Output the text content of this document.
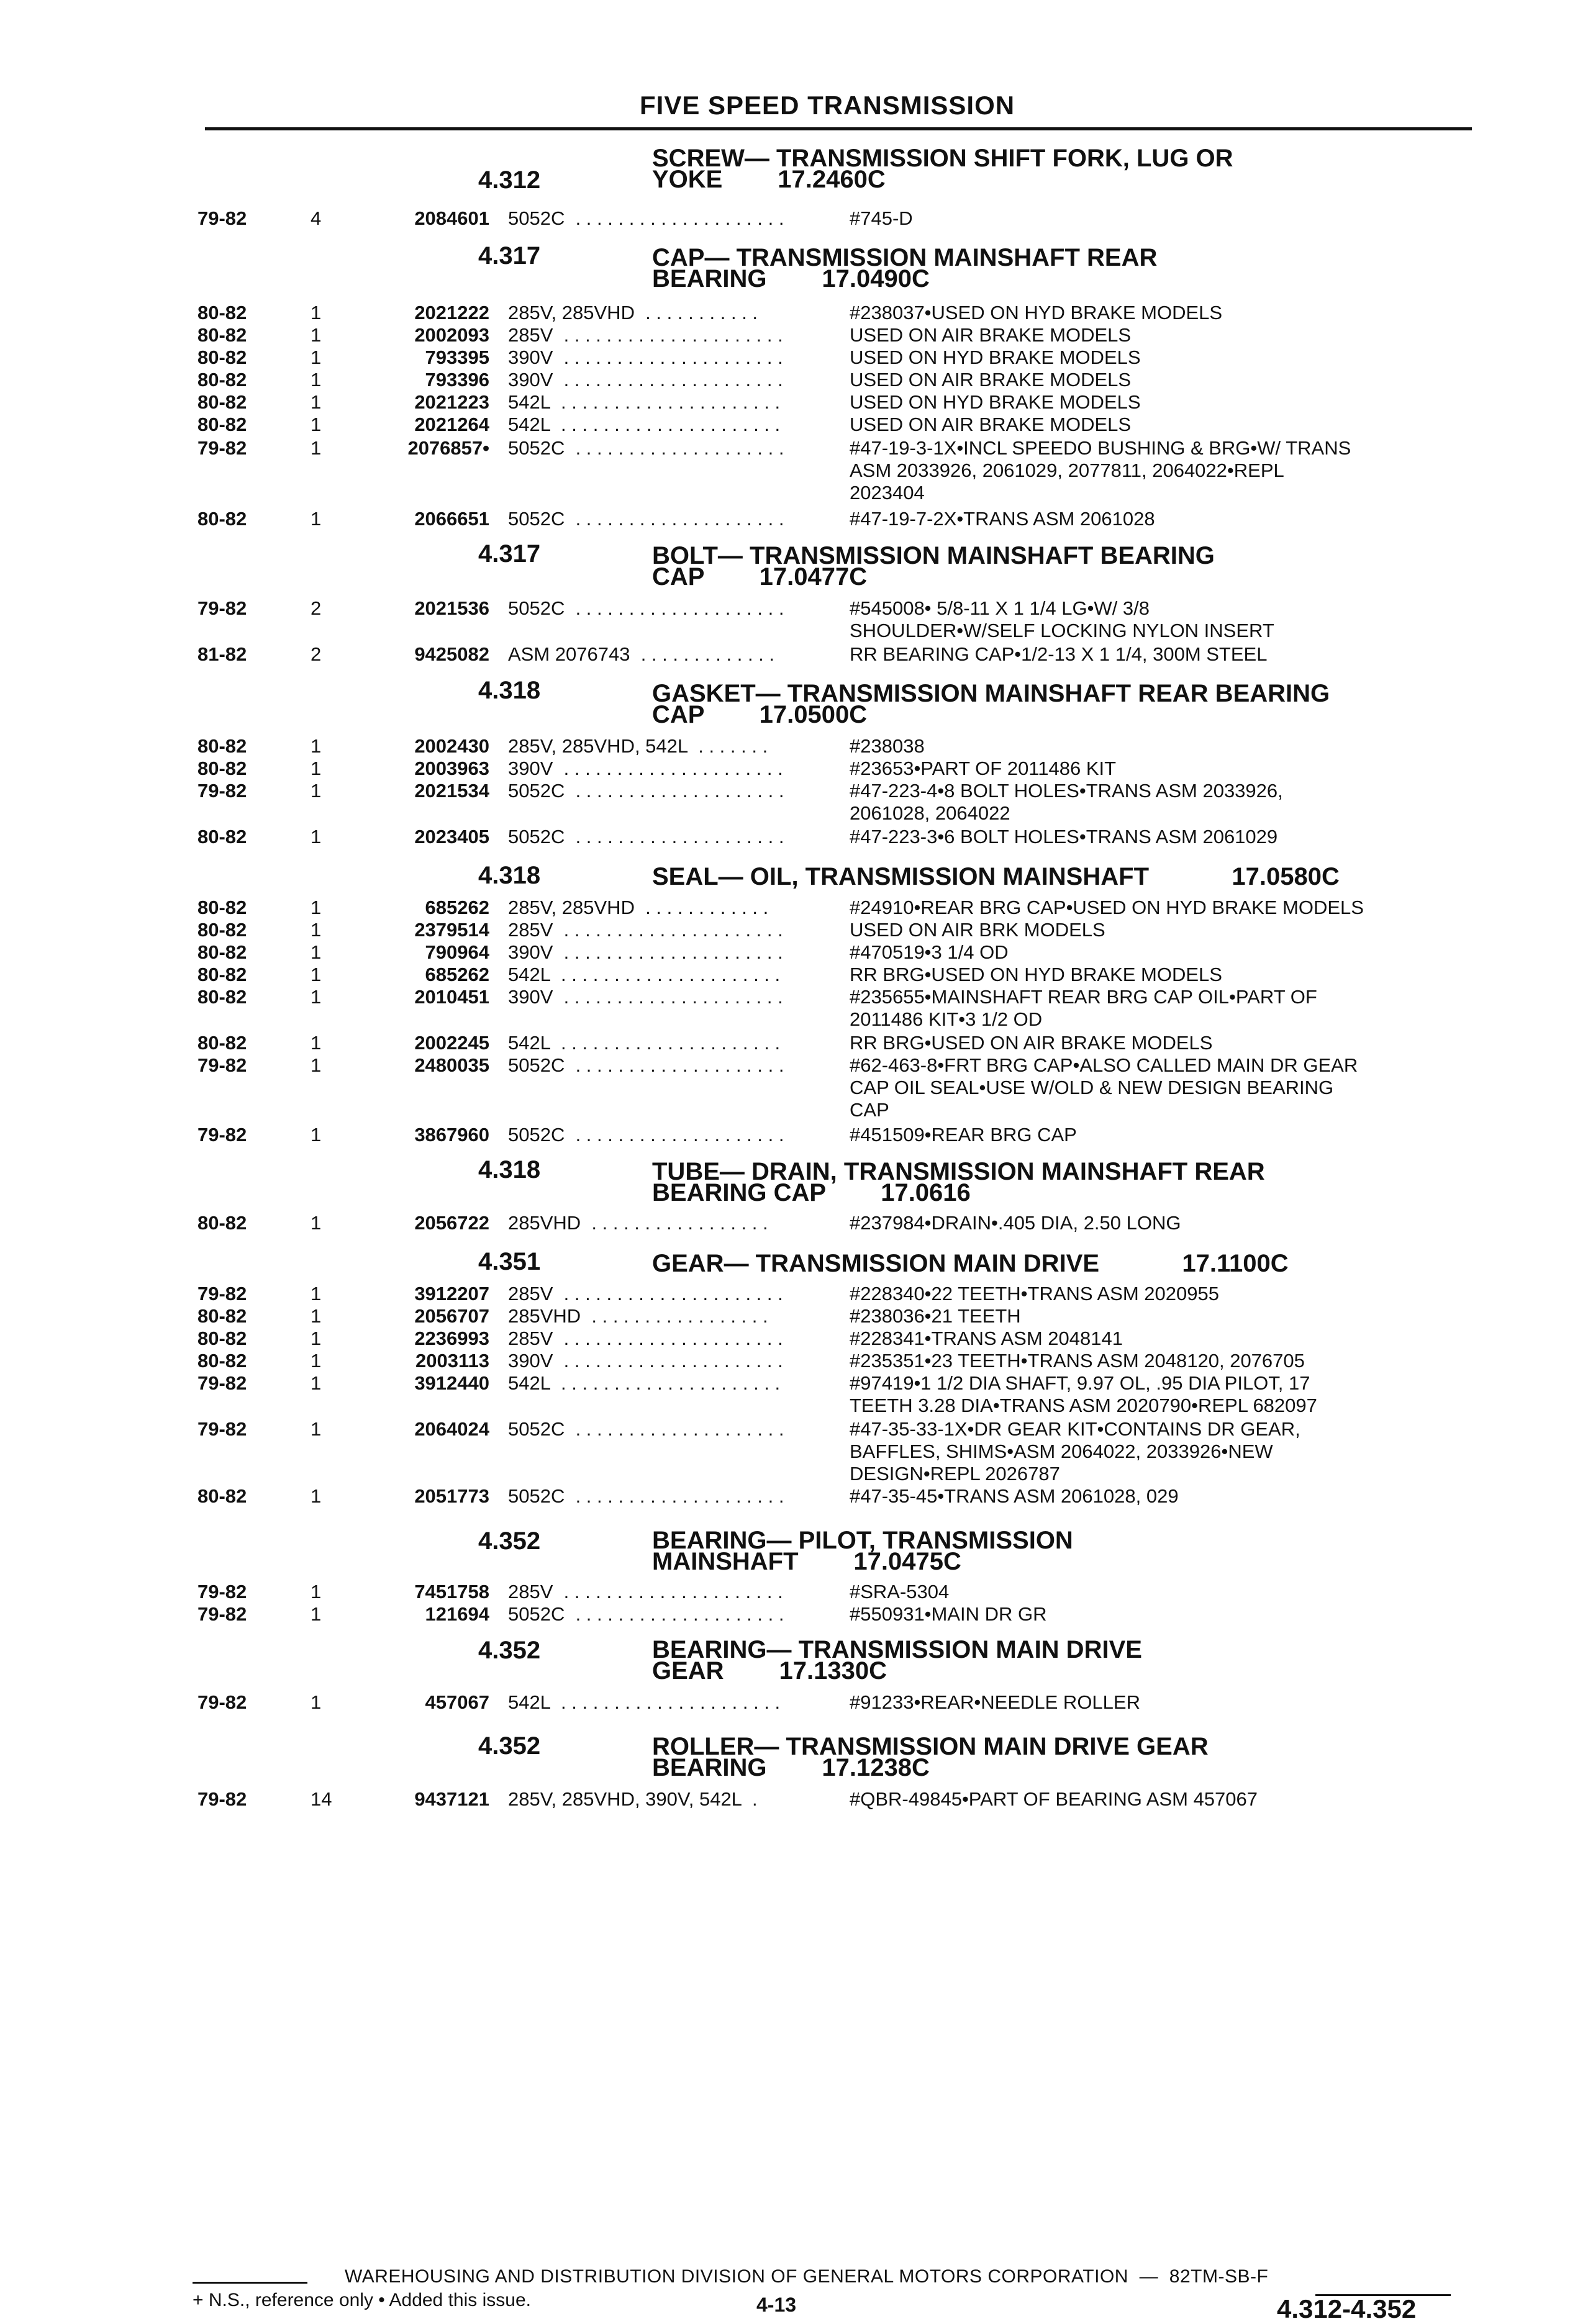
FIVE SPEED TRANSMISSION
4.312
SCREW— TRANSMISSION SHIFT FORK, LUG OR
YOKE        17.2460C
79-82	4	2084601 5052C  . . . . . . . . . . . . . . . . . . . .	#745-D
4.317	CAP— TRANSMISSION MAINSHAFT REAR
BEARING        17.0490C
80-82	1	2021222 285V, 285VHD  . . . . . . . . . . .	#238037•USED ON HYD BRAKE MODELS
80-82	1	2002093 285V  . . . . . . . . . . . . . . . . . . . . .	USED ON AIR BRAKE MODELS
80-82	1	793395 390V  . . . . . . . . . . . . . . . . . . . . .	USED ON HYD BRAKE MODELS
80-82	1	793396 390V  . . . . . . . . . . . . . . . . . . . . .	USED ON AIR BRAKE MODELS
80-82	1	2021223 542L  . . . . . . . . . . . . . . . . . . . . .	USED ON HYD BRAKE MODELS
80-82	1	2021264 542L  . . . . . . . . . . . . . . . . . . . . .	USED ON AIR BRAKE MODELS
79-82	1	2076857• 5052C  . . . . . . . . . . . . . . . . . . . .	#47-19-3-1X•INCL SPEEDO BUSHING & BRG•W/ TRANS
ASM 2033926, 2061029, 2077811, 2064022•REPL
2023404
80-82	1	2066651 5052C  . . . . . . . . . . . . . . . . . . . .	#47-19-7-2X•TRANS ASM 2061028
4.317	BOLT— TRANSMISSION MAINSHAFT BEARING
CAP        17.0477C
79-82	2	2021536 5052C  . . . . . . . . . . . . . . . . . . . .	#545008• 5/8-11 X 1 1/4 LG•W/ 3/8
SHOULDER•W/SELF LOCKING NYLON INSERT
81-82	2	9425082 ASM 2076743  . . . . . . . . . . . . .	RR BEARING CAP•1/2-13 X 1 1/4, 300M STEEL
4.318	GASKET— TRANSMISSION MAINSHAFT REAR BEARING
CAP        17.0500C
80-82	1	2002430 285V, 285VHD, 542L  . . . . . . .	#238038
80-82	1	2003963 390V  . . . . . . . . . . . . . . . . . . . . .	#23653•PART OF 2011486 KIT
79-82	1	2021534 5052C  . . . . . . . . . . . . . . . . . . . .	#47-223-4•8 BOLT HOLES•TRANS ASM 2033926,
2061028, 2064022
80-82	1	2023405 5052C  . . . . . . . . . . . . . . . . . . . .	#47-223-3•6 BOLT HOLES•TRANS ASM 2061029
4.318	SEAL— OIL, TRANSMISSION MAINSHAFT            17.0580C
80-82	1	685262 285V, 285VHD  . . . . . . . . . . . .	#24910•REAR BRG CAP•USED ON HYD BRAKE MODELS
80-82	1	2379514 285V  . . . . . . . . . . . . . . . . . . . . .	USED ON AIR BRK MODELS
80-82	1	790964 390V  . . . . . . . . . . . . . . . . . . . . .	#470519•3 1/4 OD
80-82	1	685262 542L  . . . . . . . . . . . . . . . . . . . . .	RR BRG•USED ON HYD BRAKE MODELS
80-82	1	2010451 390V  . . . . . . . . . . . . . . . . . . . . .	#235655•MAINSHAFT REAR BRG CAP OIL•PART OF
2011486 KIT•3 1/2 OD
80-82	1	2002245 542L  . . . . . . . . . . . . . . . . . . . . .	RR BRG•USED ON AIR BRAKE MODELS
79-82	1	2480035 5052C  . . . . . . . . . . . . . . . . . . . .	#62-463-8•FRT BRG CAP•ALSO CALLED MAIN DR GEAR
CAP OIL SEAL•USE W/OLD & NEW DESIGN BEARING
CAP
79-82	1	3867960 5052C  . . . . . . . . . . . . . . . . . . . .	#451509•REAR BRG CAP
4.318	TUBE— DRAIN, TRANSMISSION MAINSHAFT REAR
BEARING CAP        17.0616
80-82	1	2056722 285VHD  . . . . . . . . . . . . . . . . .	#237984•DRAIN•.405 DIA, 2.50 LONG
4.351	GEAR— TRANSMISSION MAIN DRIVE            17.1100C
79-82	1	3912207 285V  . . . . . . . . . . . . . . . . . . . . .	#228340•22 TEETH•TRANS ASM 2020955
80-82	1	2056707 285VHD  . . . . . . . . . . . . . . . . .	#238036•21 TEETH
80-82	1	2236993 285V  . . . . . . . . . . . . . . . . . . . . .	#228341•TRANS ASM 2048141
80-82	1	2003113 390V  . . . . . . . . . . . . . . . . . . . . .	#235351•23 TEETH•TRANS ASM 2048120, 2076705
79-82	1	3912440 542L  . . . . . . . . . . . . . . . . . . . . .	#97419•1 1/2 DIA SHAFT, 9.97 OL, .95 DIA PILOT, 17
TEETH 3.28 DIA•TRANS ASM 2020790•REPL 682097
79-82	1	2064024 5052C  . . . . . . . . . . . . . . . . . . . .	#47-35-33-1X•DR GEAR KIT•CONTAINS DR GEAR,
BAFFLES, SHIMS•ASM 2064022, 2033926•NEW
DESIGN•REPL 2026787
80-82	1	2051773 5052C  . . . . . . . . . . . . . . . . . . . .	#47-35-45•TRANS ASM 2061028, 029
4.352	BEARING— PILOT, TRANSMISSION
MAINSHAFT        17.0475C
79-82	1	7451758 285V  . . . . . . . . . . . . . . . . . . . . .	#SRA-5304
79-82	1	121694 5052C  . . . . . . . . . . . . . . . . . . . .	#550931•MAIN DR GR
4.352	BEARING— TRANSMISSION MAIN DRIVE
GEAR        17.1330C
79-82	1	457067 542L  . . . . . . . . . . . . . . . . . . . . .	#91233•REAR•NEEDLE ROLLER
4.352	ROLLER— TRANSMISSION MAIN DRIVE GEAR
BEARING        17.1238C
79-82	14	9437121 285V, 285VHD, 390V, 542L  .	#QBR-49845•PART OF BEARING ASM 457067
WAREHOUSING AND DISTRIBUTION DIVISION OF GENERAL MOTORS CORPORATION  —  82TM-SB-F
+ N.S., reference only • Added this issue.	4-13	4.312-4.352
